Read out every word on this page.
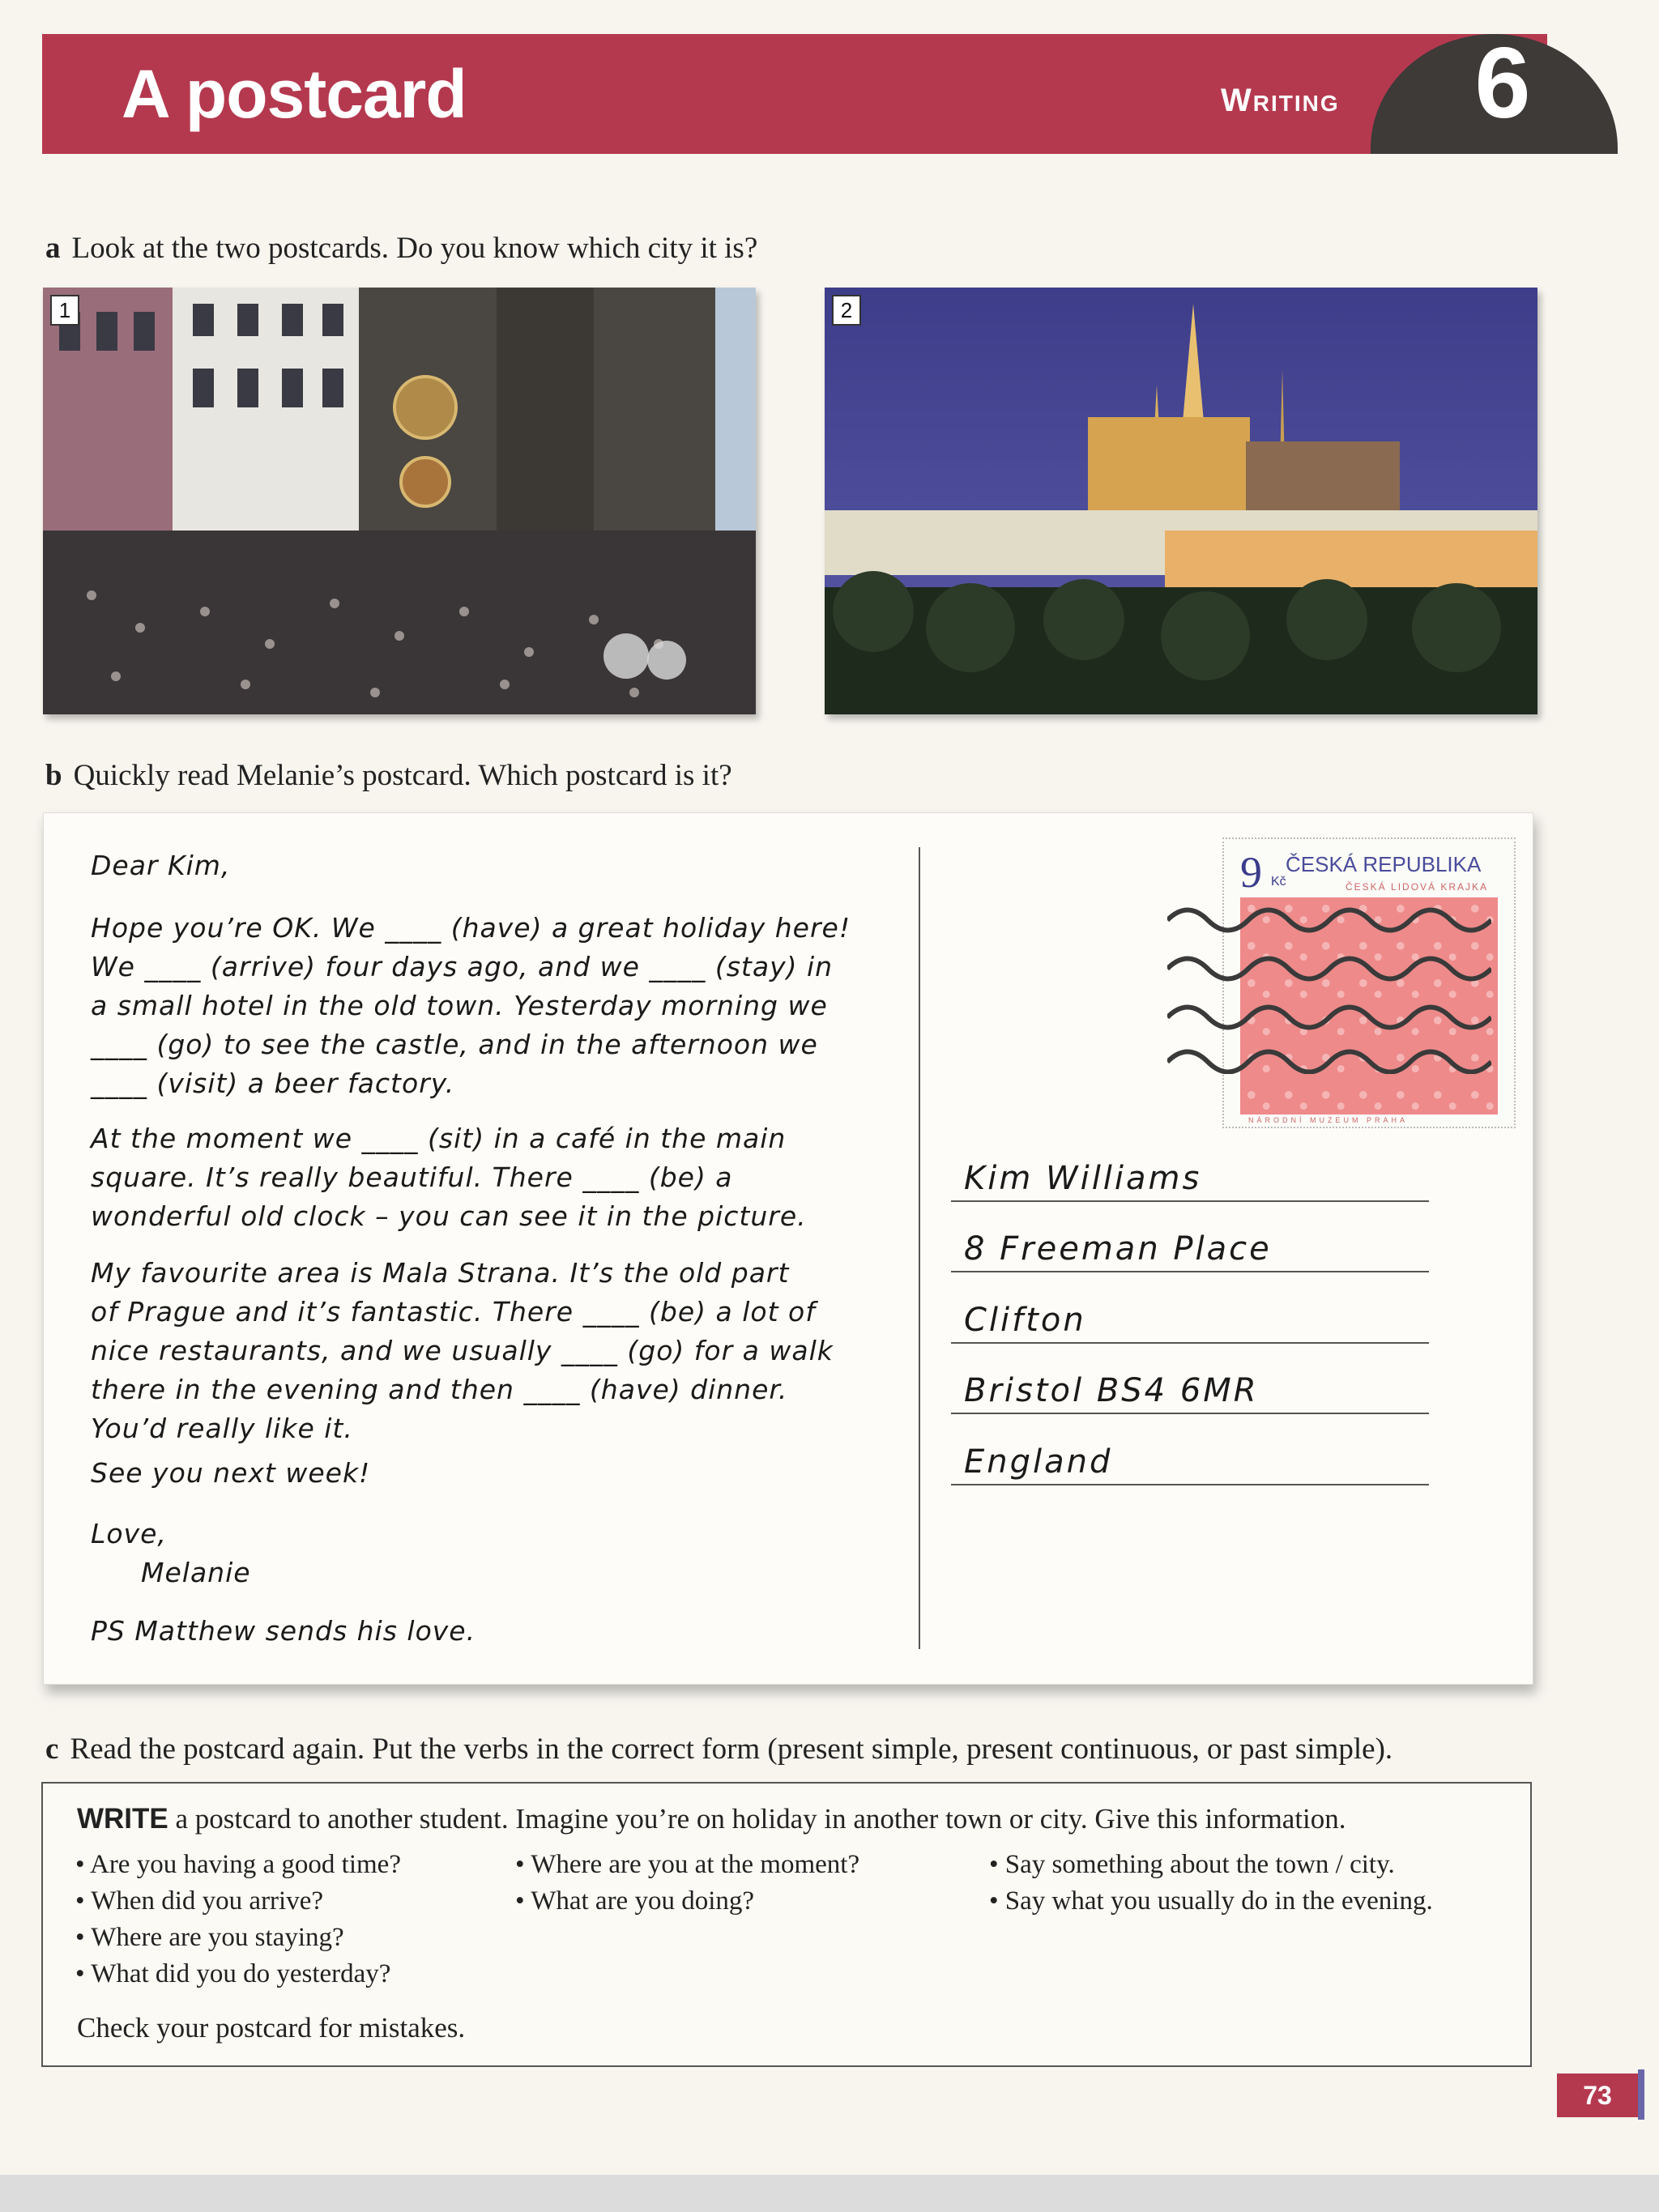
A postcard	Writing 6
a Look at the two postcards. Do you know which city it is?
1	2
b Quickly read Melanie’s postcard. Which postcard is it?
Dear Kim,
Hope you’re OK. We ____ (have) a great holiday here!
We ____ (arrive) four days ago, and we ____ (stay) in
a small hotel in the old town. Yesterday morning we
____ (go) to see the castle, and in the afternoon we
____ (visit) a beer factory.
At the moment we ____ (sit) in a café in the main
square. It’s really beautiful. There ____ (be) a
wonderful old clock – you can see it in the picture.
My favourite area is Mala Strana. It’s the old part
of Prague and it’s fantastic. There ____ (be) a lot of
nice restaurants, and we usually ____ (go) for a walk
there in the evening and then ____ (have) dinner.
You’d really like it.
See you next week!
Love,
Melanie
PS Matthew sends his love.
9 Kč
ČESKÁ REPUBLIKA
ČESKÁ LIDOVÁ KRAJKA
NÁRODNÍ MUZEUM PRAHA
Kim Williams
8 Freeman Place
Clifton
Bristol BS4 6MR
England
c Read the postcard again. Put the verbs in the correct form (present simple, present continuous, or past simple).
WRITE a postcard to another student. Imagine you’re on holiday in another town or city. Give this information.
• Are you having a good time?
• When did you arrive?
• Where are you staying?
• What did you do yesterday?
• Where are you at the moment?
• What are you doing?
• Say something about the town / city.
• Say what you usually do in the evening.
Check your postcard for mistakes.
73
